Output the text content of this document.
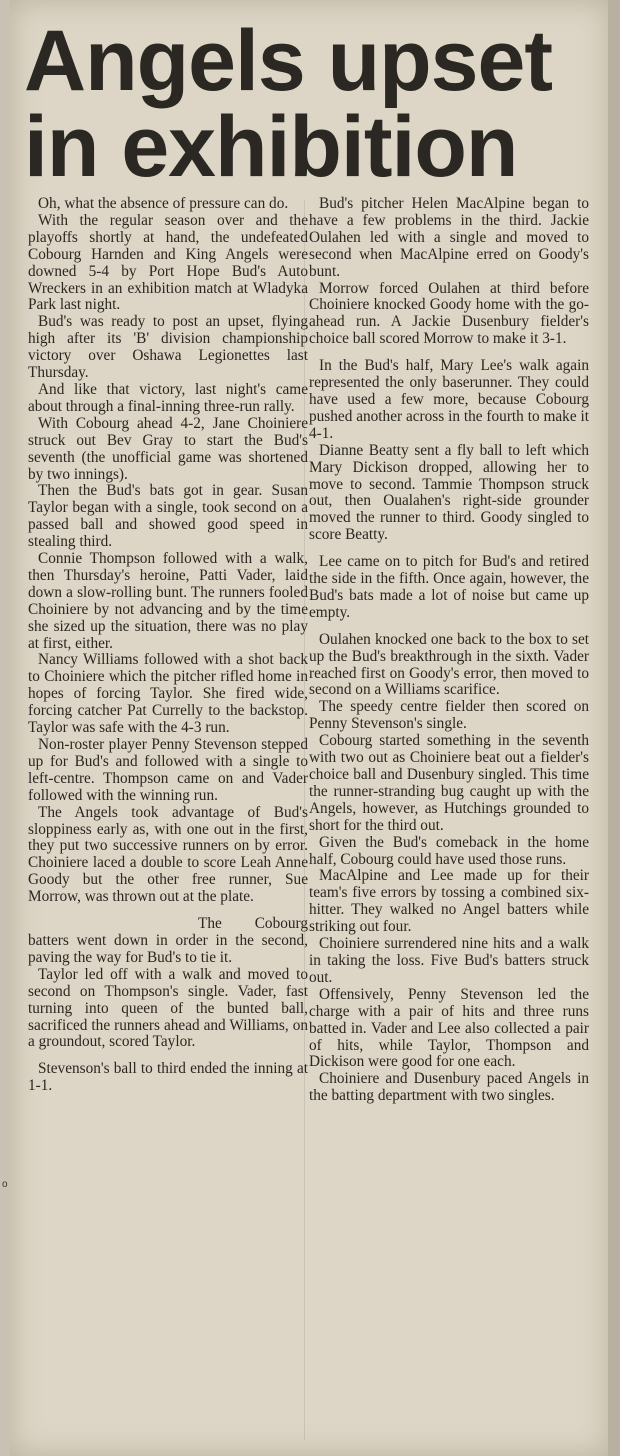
o
Angels upset
in exhibition

Oh, what the absence of pressure can do.

With the regular season over and the playoffs shortly at hand, the undefeated Cobourg Harnden and King Angels were downed 5-4 by Port Hope Bud's Auto Wreckers in an exhibition match at Wladyka Park last night.

Bud's was ready to post an upset, flying high after its 'B' division championship victory over Oshawa Legionettes last Thursday.

And like that victory, last night's came about through a final-inning three-run rally.

With Cobourg ahead 4-2, Jane Choiniere struck out Bev Gray to start the Bud's seventh (the unofficial game was shortened by two innings).

Then the Bud's bats got in gear. Susan Taylor began with a single, took second on a passed ball and showed good speed in stealing third.

Connie Thompson followed with a walk, then Thursday's heroine, Patti Vader, laid down a slow-rolling bunt. The runners fooled Choiniere by not advancing and by the time she sized up the situation, there was no play at first, either.

Nancy Williams followed with a shot back to Choiniere which the pitcher rifled home in hopes of forcing Taylor. She fired wide, forcing catcher Pat Currelly to the backstop. Taylor was safe with the 4-3 run.

Non-roster player Penny Stevenson stepped up for Bud's and followed with a single to left-centre. Thompson came on and Vader followed with the winning run.

The Angels took advantage of Bud's sloppiness early as, with one out in the first, they put two successive runners on by error. Choiniere laced a double to score Leah Anne Goody but the other free runner, Sue Morrow, was thrown out at the plate.

The Cobourg batters went down in order in the second, paving the way for Bud's to tie it.

Taylor led off with a walk and moved to second on Thompson's single. Vader, fast turning into queen of the bunted ball, sacrificed the runners ahead and Williams, on a groundout, scored Taylor.

Stevenson's ball to third ended the inning at 1-1.

Bud's pitcher Helen MacAlpine began to have a few problems in the third. Jackie Oulahen led with a single and moved to second when MacAlpine erred on Goody's bunt.

Morrow forced Oulahen at third before Choiniere knocked Goody home with the go-ahead run. A Jackie Dusenbury fielder's choice ball scored Morrow to make it 3-1.

In the Bud's half, Mary Lee's walk again represented the only baserunner. They could have used a few more, because Cobourg pushed another across in the fourth to make it 4-1.

Dianne Beatty sent a fly ball to left which Mary Dickison dropped, allowing her to move to second. Tammie Thompson struck out, then Oualahen's right-side grounder moved the runner to third. Goody singled to score Beatty.

Lee came on to pitch for Bud's and retired the side in the fifth. Once again, however, the Bud's bats made a lot of noise but came up empty.

Oulahen knocked one back to the box to set up the Bud's breakthrough in the sixth. Vader reached first on Goody's error, then moved to second on a Williams scarifice.

The speedy centre fielder then scored on Penny Stevenson's single.

Cobourg started something in the seventh with two out as Choiniere beat out a fielder's choice ball and Dusenbury singled. This time the runner-stranding bug caught up with the Angels, however, as Hutchings grounded to short for the third out.

Given the Bud's comeback in the home half, Cobourg could have used those runs.

MacAlpine and Lee made up for their team's five errors by tossing a combined six-hitter. They walked no Angel batters while striking out four.

Choiniere surrendered nine hits and a walk in taking the loss. Five Bud's batters struck out.

Offensively, Penny Stevenson led the charge with a pair of hits and three runs batted in. Vader and Lee also collected a pair of hits, while Taylor, Thompson and Dickison were good for one each.

Choiniere and Dusenbury paced Angels in the batting department with two singles.
